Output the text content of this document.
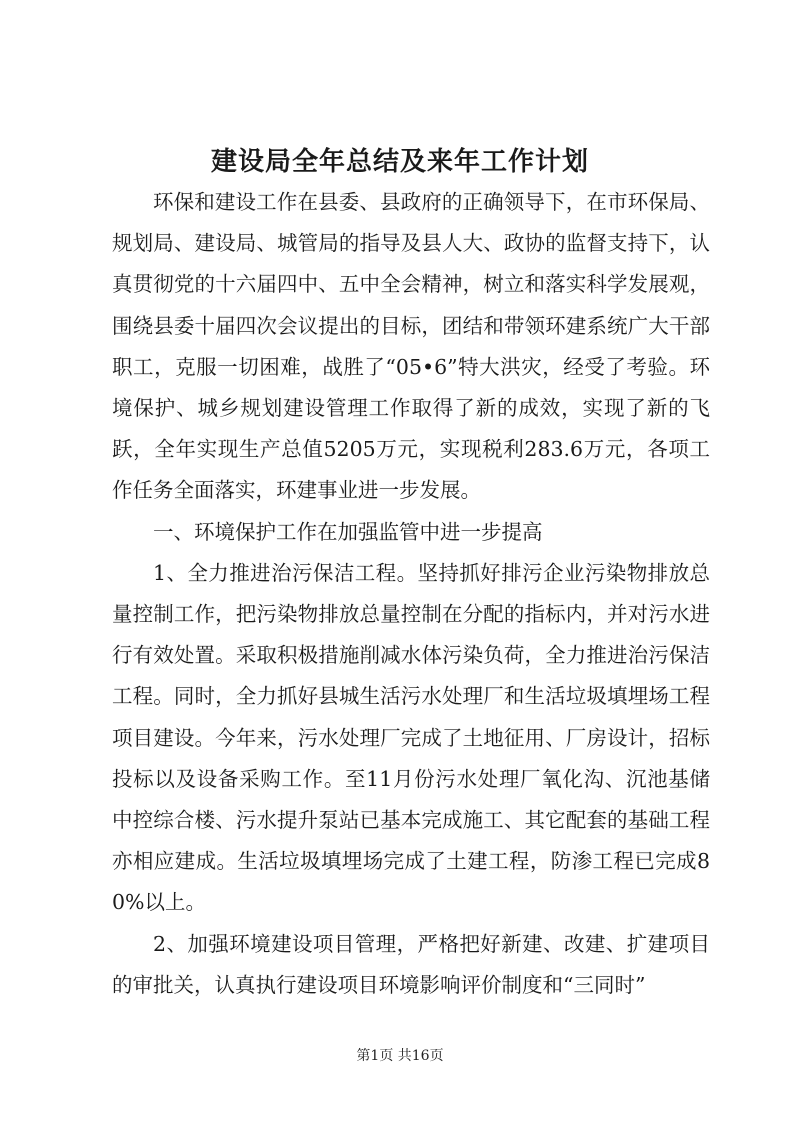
建设局全年总结及来年工作计划

环保和建设工作在县委、县政府的正确领导下，在市环保局、规划局、建设局、城管局的指导及县人大、政协的监督支持下，认真贯彻党的十六届四中、五中全会精神，树立和落实科学发展观，围绕县委十届四次会议提出的目标，团结和带领环建系统广大干部职工，克服一切困难，战胜了“05•6”特大洪灾，经受了考验。环境保护、城乡规划建设管理工作取得了新的成效，实现了新的飞跃，全年实现生产总值5205万元，实现税利283.6万元，各项工作任务全面落实，环建事业进一步发展。

一、环境保护工作在加强监管中进一步提高

1、全力推进治污保洁工程。坚持抓好排污企业污染物排放总量控制工作，把污染物排放总量控制在分配的指标内，并对污水进行有效处置。采取积极措施削减水体污染负荷，全力推进治污保洁工程。同时，全力抓好县城生活污水处理厂和生活垃圾填埋场工程项目建设。今年来，污水处理厂完成了土地征用、厂房设计，招标投标以及设备采购工作。至11月份污水处理厂氧化沟、沉池基储中控综合楼、污水提升泵站已基本完成施工、其它配套的基础工程亦相应建成。生活垃圾填埋场完成了土建工程，防渗工程已完成80%以上。

2、加强环境建设项目管理，严格把好新建、改建、扩建项目的审批关，认真执行建设项目环境影响评价制度和“三同时”

第1页 共16页
